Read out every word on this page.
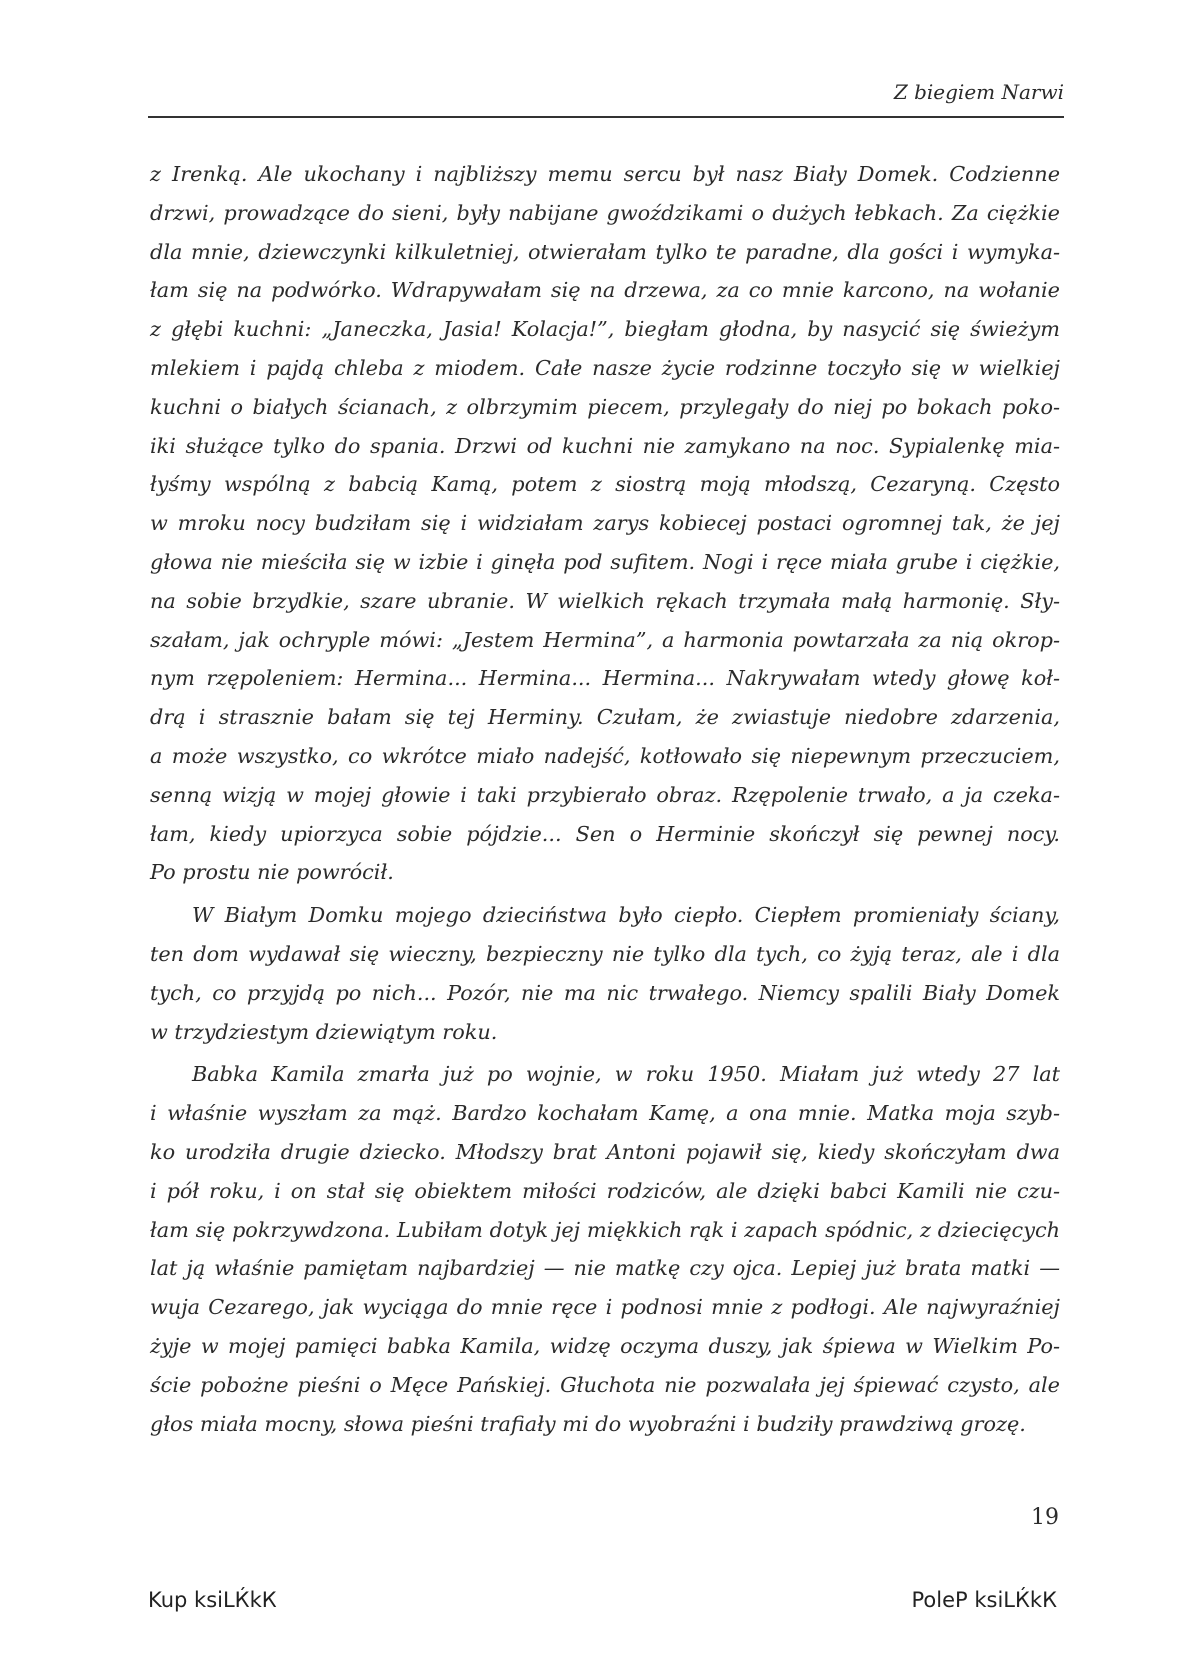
Z biegiem Narwi
z Irenką. Ale ukochany i najbliższy memu sercu był nasz Biały Domek. Codzienne
drzwi, prowadzące do sieni, były nabijane gwoździkami o dużych łebkach. Za ciężkie
dla mnie, dziewczynki kilkuletniej, otwierałam tylko te paradne, dla gości i wymyka-
łam się na podwórko. Wdrapywałam się na drzewa, za co mnie karcono, na wołanie
z głębi kuchni: „Janeczka, Jasia! Kolacja!”, biegłam głodna, by nasycić się świeżym
mlekiem i pajdą chleba z miodem. Całe nasze życie rodzinne toczyło się w wielkiej
kuchni o białych ścianach, z olbrzymim piecem, przylegały do niej po bokach poko-
iki służące tylko do spania. Drzwi od kuchni nie zamykano na noc. Sypialenkę mia-
łyśmy wspólną z babcią Kamą, potem z siostrą moją młodszą, Cezaryną. Często
w mroku nocy budziłam się i widziałam zarys kobiecej postaci ogromnej tak, że jej
głowa nie mieściła się w izbie i ginęła pod sufitem. Nogi i ręce miała grube i ciężkie,
na sobie brzydkie, szare ubranie. W wielkich rękach trzymała małą harmonię. Sły-
szałam, jak ochryple mówi: „Jestem Hermina”, a harmonia powtarzała za nią okrop-
nym rzępoleniem: Hermina... Hermina... Hermina... Nakrywałam wtedy głowę koł-
drą i strasznie bałam się tej Herminy. Czułam, że zwiastuje niedobre zdarzenia,
a może wszystko, co wkrótce miało nadejść, kotłowało się niepewnym przeczuciem,
senną wizją w mojej głowie i taki przybierało obraz. Rzępolenie trwało, a ja czeka-
łam, kiedy upiorzyca sobie pójdzie... Sen o Herminie skończył się pewnej nocy.
Po prostu nie powrócił.
W Białym Domku mojego dzieciństwa było ciepło. Ciepłem promieniały ściany,
ten dom wydawał się wieczny, bezpieczny nie tylko dla tych, co żyją teraz, ale i dla
tych, co przyjdą po nich... Pozór, nie ma nic trwałego. Niemcy spalili Biały Domek
w trzydziestym dziewiątym roku.
Babka Kamila zmarła już po wojnie, w roku 1950. Miałam już wtedy 27 lat
i właśnie wyszłam za mąż. Bardzo kochałam Kamę, a ona mnie. Matka moja szyb-
ko urodziła drugie dziecko. Młodszy brat Antoni pojawił się, kiedy skończyłam dwa
i pół roku, i on stał się obiektem miłości rodziców, ale dzięki babci Kamili nie czu-
łam się pokrzywdzona. Lubiłam dotyk jej miękkich rąk i zapach spódnic, z dziecięcych
lat ją właśnie pamiętam najbardziej — nie matkę czy ojca. Lepiej już brata matki —
wuja Cezarego, jak wyciąga do mnie ręce i podnosi mnie z podłogi. Ale najwyraźniej
żyje w mojej pamięci babka Kamila, widzę oczyma duszy, jak śpiewa w Wielkim Po-
ście pobożne pieśni o Męce Pańskiej. Głuchota nie pozwalała jej śpiewać czysto, ale
głos miała mocny, słowa pieśni trafiały mi do wyobraźni i budziły prawdziwą grozę.
19
Kup ksiLЌkК	PoleР ksiLЌkК
